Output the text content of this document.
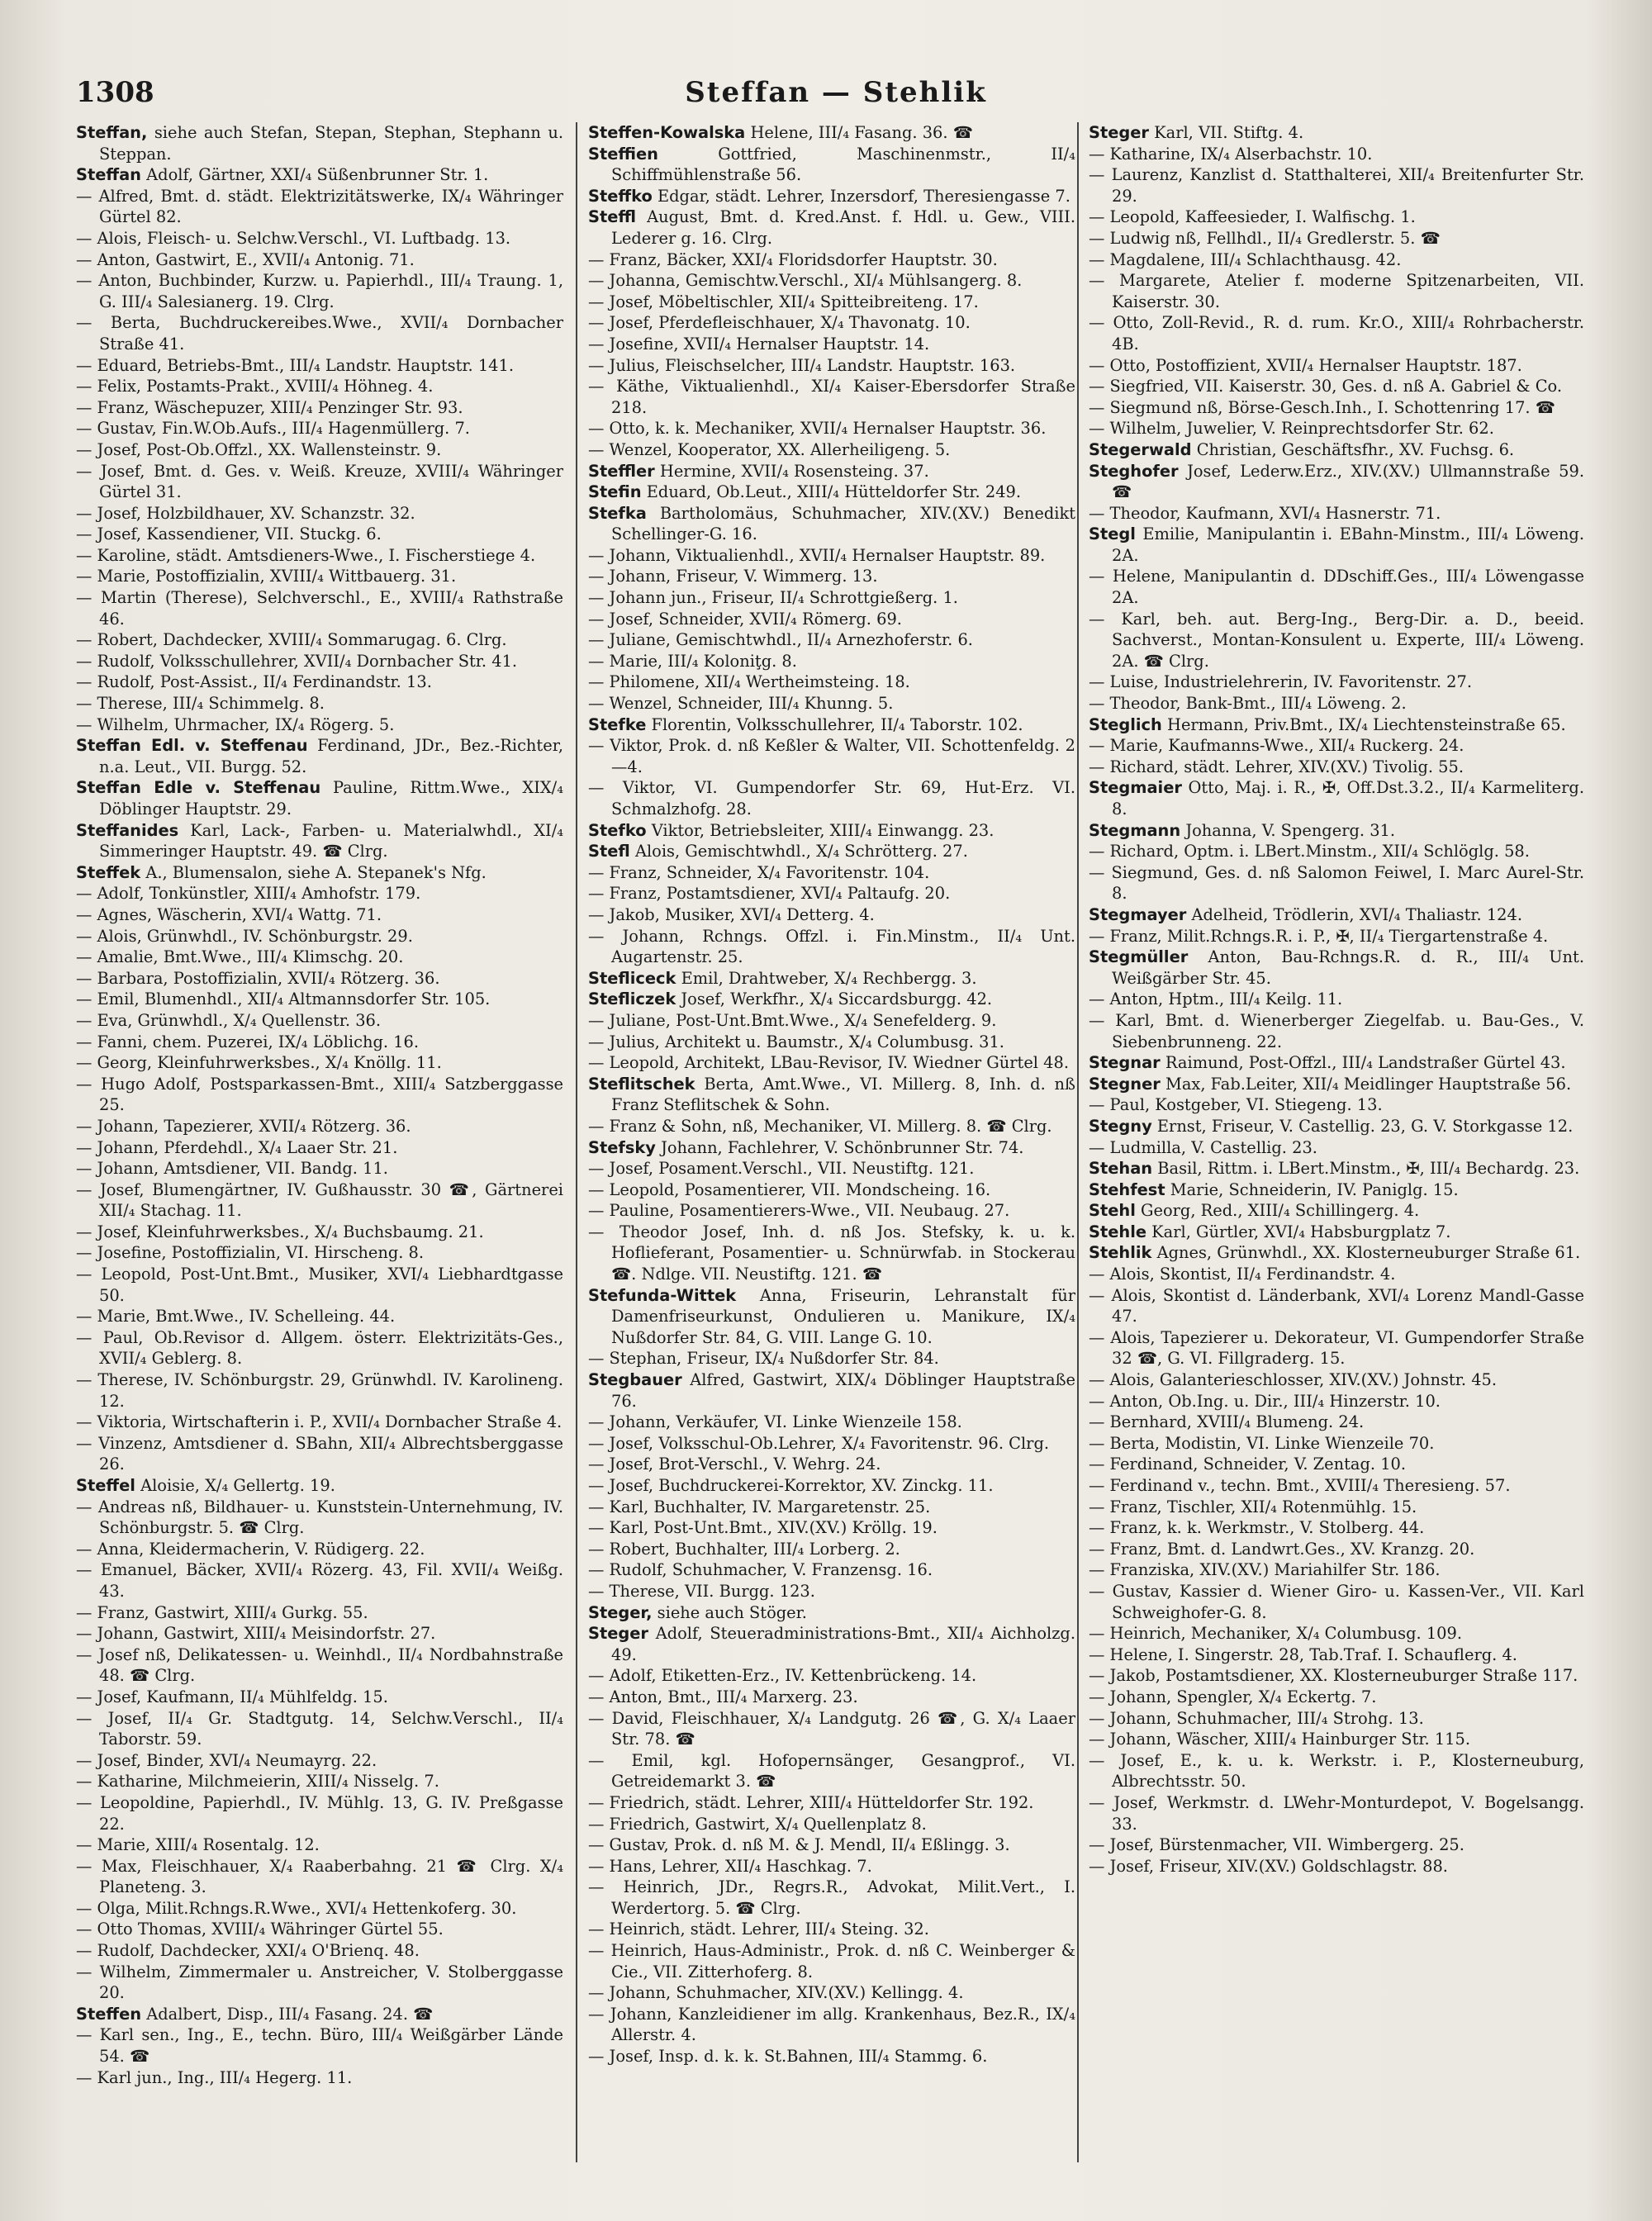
1308	Steffan — Stehlik

Steffan, siehe auch Stefan, Stepan, Stephan, Stephann u. Steppan.

Steffan Adolf, Gärtner, XXI/₄ Süßenbrunner Str. 1.

— Alfred, Bmt. d. städt. Elektrizitätswerke, IX/₄ Währinger Gürtel 82.

— Alois, Fleisch- u. Selchw.Verschl., VI. Luftbadg. 13.

— Anton, Gastwirt, E., XVII/₄ Antonig. 71.

— Anton, Buchbinder, Kurzw. u. Papierhdl., III/₄ Traung. 1, G. III/₄ Salesianerg. 19. Clrg.

— Berta, Buchdruckereibes.Wwe., XVII/₄ Dornbacher Straße 41.

— Eduard, Betriebs-Bmt., III/₄ Landstr. Hauptstr. 141.

— Felix, Postamts-Prakt., XVIII/₄ Höhneg. 4.

— Franz, Wäschepuzer, XIII/₄ Penzinger Str. 93.

— Gustav, Fin.W.Ob.Aufs., III/₄ Hagenmüllerg. 7.

— Josef, Post-Ob.Offzl., XX. Wallensteinstr. 9.

— Josef, Bmt. d. Ges. v. Weiß. Kreuze, XVIII/₄ Währinger Gürtel 31.

— Josef, Holzbildhauer, XV. Schanzstr. 32.

— Josef, Kassendiener, VII. Stuckg. 6.

— Karoline, städt. Amtsdieners-Wwe., I. Fischerstiege 4.

— Marie, Postoffizialin, XVIII/₄ Wittbauerg. 31.

— Martin (Therese), Selchverschl., E., XVIII/₄ Rathstraße 46.

— Robert, Dachdecker, XVIII/₄ Sommarugag. 6. Clrg.

— Rudolf, Volksschullehrer, XVII/₄ Dornbacher Str. 41.

— Rudolf, Post-Assist., II/₄ Ferdinandstr. 13.

— Therese, III/₄ Schimmelg. 8.

— Wilhelm, Uhrmacher, IX/₄ Rögerg. 5.

Steffan Edl. v. Steffenau Ferdinand, JDr., Bez.-Richter, n.a. Leut., VII. Burgg. 52.

Steffan Edle v. Steffenau Pauline, Rittm.Wwe., XIX/₄ Döblinger Hauptstr. 29.

Steffanides Karl, Lack-, Farben- u. Materialwhdl., XI/₄ Simmeringer Hauptstr. 49. ☎ Clrg.

Steffek A., Blumensalon, siehe A. Stepanek's Nfg.

— Adolf, Tonkünstler, XIII/₄ Amhofstr. 179.

— Agnes, Wäscherin, XVI/₄ Wattg. 71.

— Alois, Grünwhdl., IV. Schönburgstr. 29.

— Amalie, Bmt.Wwe., III/₄ Klimschg. 20.

— Barbara, Postoffizialin, XVII/₄ Rötzerg. 36.

— Emil, Blumenhdl., XII/₄ Altmannsdorfer Str. 105.

— Eva, Grünwhdl., X/₄ Quellenstr. 36.

— Fanni, chem. Puzerei, IX/₄ Löblichg. 16.

— Georg, Kleinfuhrwerksbes., X/₄ Knöllg. 11.

— Hugo Adolf, Postsparkassen-Bmt., XIII/₄ Satzberggasse 25.

— Johann, Tapezierer, XVII/₄ Rötzerg. 36.

— Johann, Pferdehdl., X/₄ Laaer Str. 21.

— Johann, Amtsdiener, VII. Bandg. 11.

— Josef, Blumengärtner, IV. Gußhausstr. 30 ☎, Gärtnerei XII/₄ Stachag. 11.

— Josef, Kleinfuhrwerksbes., X/₄ Buchsbaumg. 21.

— Josefine, Postoffizialin, VI. Hirscheng. 8.

— Leopold, Post-Unt.Bmt., Musiker, XVI/₄ Liebhardtgasse 50.

— Marie, Bmt.Wwe., IV. Schelleing. 44.

— Paul, Ob.Revisor d. Allgem. österr. Elektrizitäts-Ges., XVII/₄ Geblerg. 8.

— Therese, IV. Schönburgstr. 29, Grünwhdl. IV. Karolineng. 12.

— Viktoria, Wirtschafterin i. P., XVII/₄ Dornbacher Straße 4.

— Vinzenz, Amtsdiener d. SBahn, XII/₄ Albrechtsberggasse 26.

Steffel Aloisie, X/₄ Gellertg. 19.

— Andreas nß, Bildhauer- u. Kunststein-Unternehmung, IV. Schönburgstr. 5. ☎ Clrg.

— Anna, Kleidermacherin, V. Rüdigerg. 22.

— Emanuel, Bäcker, XVII/₄ Rözerg. 43, Fil. XVII/₄ Weißg. 43.

— Franz, Gastwirt, XIII/₄ Gurkg. 55.

— Johann, Gastwirt, XIII/₄ Meisindorfstr. 27.

— Josef nß, Delikatessen- u. Weinhdl., II/₄ Nordbahnstraße 48. ☎ Clrg.

— Josef, Kaufmann, II/₄ Mühlfeldg. 15.

— Josef, II/₄ Gr. Stadtgutg. 14, Selchw.Verschl., II/₄ Taborstr. 59.

— Josef, Binder, XVI/₄ Neumayrg. 22.

— Katharine, Milchmeierin, XIII/₄ Nisselg. 7.

— Leopoldine, Papierhdl., IV. Mühlg. 13, G. IV. Preßgasse 22.

— Marie, XIII/₄ Rosentalg. 12.

— Max, Fleischhauer, X/₄ Raaberbahng. 21 ☎ Clrg. X/₄ Planeteng. 3.

— Olga, Milit.Rchngs.R.Wwe., XVI/₄ Hettenkoferg. 30.

— Otto Thomas, XVIII/₄ Währinger Gürtel 55.

— Rudolf, Dachdecker, XXI/₄ O'Brienq. 48.

— Wilhelm, Zimmermaler u. Anstreicher, V. Stolberggasse 20.

Steffen Adalbert, Disp., III/₄ Fasang. 24. ☎

— Karl sen., Ing., E., techn. Büro, III/₄ Weißgärber Lände 54. ☎

— Karl jun., Ing., III/₄ Hegerg. 11.

Steffen-Kowalska Helene, III/₄ Fasang. 36. ☎

Steffien	Gottfried, Maschinenmstr., II/₄ Schiffmühlenstraße 56.

Steffko Edgar, städt. Lehrer, Inzersdorf, Theresiengasse 7.

Steffl August, Bmt. d. Kred.Anst. f. Hdl. u. Gew., VIII. Lederer g. 16. Clrg.

— Franz, Bäcker, XXI/₄ Floridsdorfer Hauptstr. 30.

— Johanna, Gemischtw.Verschl., XI/₄ Mühlsangerg. 8.

— Josef, Möbeltischler, XII/₄ Spitteibreiteng. 17.

— Josef, Pferdefleischhauer, X/₄ Thavonatg. 10.

— Josefine, XVII/₄ Hernalser Hauptstr. 14.

— Julius, Fleischselcher, III/₄ Landstr. Hauptstr. 163.

— Käthe, Viktualienhdl., XI/₄ Kaiser-Ebersdorfer Straße 218.

— Otto, k. k. Mechaniker, XVII/₄ Hernalser Hauptstr. 36.

— Wenzel, Kooperator, XX. Allerheiligeng. 5.

Steffler Hermine, XVII/₄ Rosensteing. 37.

Stefin Eduard, Ob.Leut., XIII/₄ Hütteldorfer Str. 249.

Stefka Bartholomäus, Schuhmacher, XIV.(XV.) Benedikt Schellinger-G. 16.

— Johann, Viktualienhdl., XVII/₄ Hernalser Hauptstr. 89.

— Johann, Friseur, V. Wimmerg. 13.

— Johann jun., Friseur, II/₄ Schrottgießerg. 1.

— Josef, Schneider, XVII/₄ Römerg. 69.

— Juliane, Gemischtwhdl., II/₄ Arnezhoferstr. 6.

— Marie, III/₄ Koloniţg. 8.

— Philomene, XII/₄ Wertheimsteing. 18.

— Wenzel, Schneider, III/₄ Khunng. 5.

Stefke Florentin, Volksschullehrer, II/₄ Taborstr. 102.

— Viktor, Prok. d. nß Keßler & Walter, VII. Schottenfeldg. 2—4.

— Viktor, VI. Gumpendorfer Str. 69, Hut-Erz. VI. Schmalzhofg. 28.

Stefko Viktor, Betriebsleiter, XIII/₄ Einwangg. 23.

Stefl Alois, Gemischtwhdl., X/₄ Schrötterg. 27.

— Franz, Schneider, X/₄ Favoritenstr. 104.

— Franz, Postamtsdiener, XVI/₄ Paltaufg. 20.

— Jakob, Musiker, XVI/₄ Detterg. 4.

— Johann, Rchngs. Offzl. i. Fin.Minstm., II/₄ Unt. Augartenstr. 25.

Stefliceck Emil, Drahtweber, X/₄ Rechbergg. 3.

Stefliczek Josef, Werkfhr., X/₄ Siccardsburgg. 42.

— Juliane, Post-Unt.Bmt.Wwe., X/₄ Senefelderg. 9.

— Julius, Architekt u. Baumstr., X/₄ Columbusg. 31.

— Leopold, Architekt, LBau-Revisor, IV. Wiedner Gürtel 48.

Steflitschek Berta, Amt.Wwe., VI. Millerg. 8, Inh. d. nß Franz Steflitschek & Sohn.

— Franz & Sohn, nß, Mechaniker, VI. Millerg. 8. ☎ Clrg.

Stefsky Johann, Fachlehrer, V. Schönbrunner Str. 74.

— Josef, Posament.Verschl., VII. Neustiftg. 121.

— Leopold, Posamentierer, VII. Mondscheing. 16.

— Pauline, Posamentierers-Wwe., VII. Neubaug. 27.

— Theodor Josef, Inh. d. nß Jos. Stefsky, k. u. k. Hoflieferant, Posamentier- u. Schnürwfab. in Stockerau ☎. Ndlge. VII. Neustiftg. 121. ☎

Stefunda-Wittek Anna, Friseurin, Lehranstalt für Damenfriseurkunst, Ondulieren u. Manikure, IX/₄ Nußdorfer Str. 84, G. VIII. Lange G. 10.

— Stephan, Friseur, IX/₄ Nußdorfer Str. 84.

Stegbauer Alfred, Gastwirt, XIX/₄ Döblinger Hauptstraße 76.

— Johann, Verkäufer, VI. Linke Wienzeile 158.

— Josef, Volksschul-Ob.Lehrer, X/₄ Favoritenstr. 96. Clrg.

— Josef, Brot-Verschl., V. Wehrg. 24.

— Josef, Buchdruckerei-Korrektor, XV. Zinckg. 11.

— Karl, Buchhalter, IV. Margaretenstr. 25.

— Karl, Post-Unt.Bmt., XIV.(XV.) Kröllg. 19.

— Robert, Buchhalter, III/₄ Lorberg. 2.

— Rudolf, Schuhmacher, V. Franzensg. 16.

— Therese, VII. Burgg. 123.

Steger, siehe auch Stöger.

Steger Adolf, Steueradministrations-Bmt., XII/₄ Aichholzg. 49.

— Adolf, Etiketten-Erz., IV. Kettenbrückeng. 14.

— Anton, Bmt., III/₄ Marxerg. 23.

— David, Fleischhauer, X/₄ Landgutg. 26 ☎, G. X/₄ Laaer Str. 78. ☎

— Emil, kgl. Hofopernsänger, Gesangprof., VI. Getreidemarkt 3. ☎

— Friedrich, städt. Lehrer, XIII/₄ Hütteldorfer Str. 192.

— Friedrich, Gastwirt, X/₄ Quellenplatz 8.

— Gustav, Prok. d. nß M. & J. Mendl, II/₄ Eßlingg. 3.

— Hans, Lehrer, XII/₄ Haschkag. 7.

— Heinrich, JDr., Regrs.R., Advokat, Milit.Vert., I. Werdertorg. 5. ☎ Clrg.

— Heinrich, städt. Lehrer, III/₄ Steing. 32.

— Heinrich, Haus-Administr., Prok. d. nß C. Weinberger & Cie., VII. Zitterhoferg. 8.

— Johann, Schuhmacher, XIV.(XV.) Kellingg. 4.

— Johann, Kanzleidiener im allg. Krankenhaus, Bez.R., IX/₄ Allerstr. 4.

— Josef, Insp. d. k. k. St.Bahnen, III/₄ Stammg. 6.

Steger Karl, VII. Stiftg. 4.

— Katharine, IX/₄ Alserbachstr. 10.

— Laurenz, Kanzlist d. Statthalterei, XII/₄ Breitenfurter Str. 29.

— Leopold, Kaffeesieder, I. Walfischg. 1.

— Ludwig nß, Fellhdl., II/₄ Gredlerstr. 5. ☎

— Magdalene, III/₄ Schlachthausg. 42.

— Margarete, Atelier f. moderne Spitzenarbeiten, VII. Kaiserstr. 30.

— Otto, Zoll-Revid., R. d. rum. Kr.O., XIII/₄ Rohrbacherstr. 4B.

— Otto, Postoffizient, XVII/₄ Hernalser Hauptstr. 187.

— Siegfried, VII. Kaiserstr. 30, Ges. d. nß A. Gabriel & Co.

— Siegmund nß, Börse-Gesch.Inh., I. Schottenring 17. ☎

— Wilhelm, Juwelier, V. Reinprechtsdorfer Str. 62.

Stegerwald Christian, Geschäftsfhr., XV. Fuchsg. 6.

Steghofer Josef, Lederw.Erz., XIV.(XV.) Ullmannstraße 59. ☎

— Theodor, Kaufmann, XVI/₄ Hasnerstr. 71.

Stegl Emilie, Manipulantin i. EBahn-Minstm., III/₄ Löweng. 2A.

— Helene, Manipulantin d. DDschiff.Ges., III/₄ Löwengasse 2A.

— Karl, beh. aut. Berg-Ing., Berg-Dir. a. D., beeid. Sachverst., Montan-Konsulent u. Experte, III/₄ Löweng. 2A. ☎ Clrg.

— Luise, Industrielehrerin, IV. Favoritenstr. 27.

— Theodor, Bank-Bmt., III/₄ Löweng. 2.

Steglich Hermann, Priv.Bmt., IX/₄ Liechtensteinstraße 65.

— Marie, Kaufmanns-Wwe., XII/₄ Ruckerg. 24.

— Richard, städt. Lehrer, XIV.(XV.) Tivolig. 55.

Stegmaier Otto, Maj. i. R., ✠, Off.Dst.3.2., II/₄ Karmeliterg. 8.

Stegmann Johanna, V. Spengerg. 31.

— Richard, Optm. i. LBert.Minstm., XII/₄ Schlöglg. 58.

— Siegmund, Ges. d. nß Salomon Feiwel, I. Marc Aurel-Str. 8.

Stegmayer Adelheid, Trödlerin, XVI/₄ Thaliastr. 124.

— Franz, Milit.Rchngs.R. i. P., ✠, II/₄ Tiergartenstraße 4.

Stegmüller Anton, Bau-Rchngs.R. d. R., III/₄ Unt. Weißgärber Str. 45.

— Anton, Hptm., III/₄ Keilg. 11.

— Karl, Bmt. d. Wienerberger Ziegelfab. u. Bau-Ges., V. Siebenbrunneng. 22.

Stegnar Raimund, Post-Offzl., III/₄ Landstraßer Gürtel 43.

Stegner Max, Fab.Leiter, XII/₄ Meidlinger Hauptstraße 56.

— Paul, Kostgeber, VI. Stiegeng. 13.

Stegny Ernst, Friseur, V. Castellig. 23, G. V. Storkgasse 12.

— Ludmilla, V. Castellig. 23.

Stehan Basil, Rittm. i. LBert.Minstm., ✠, III/₄ Bechardg. 23.

Stehfest Marie, Schneiderin, IV. Paniglg. 15.

Stehl Georg, Red., XIII/₄ Schillingerg. 4.

Stehle Karl, Gürtler, XVI/₄ Habsburgplatz 7.

Stehlik Agnes, Grünwhdl., XX. Klosterneuburger Straße 61.

— Alois, Skontist, II/₄ Ferdinandstr. 4.

— Alois, Skontist d. Länderbank, XVI/₄ Lorenz Mandl-Gasse 47.

— Alois, Tapezierer u. Dekorateur, VI. Gumpendorfer Straße 32 ☎, G. VI. Fillgraderg. 15.

— Alois, Galanterieschlosser, XIV.(XV.) Johnstr. 45.

— Anton, Ob.Ing. u. Dir., III/₄ Hinzerstr. 10.

— Bernhard, XVIII/₄ Blumeng. 24.

— Berta, Modistin, VI. Linke Wienzeile 70.

— Ferdinand, Schneider, V. Zentag. 10.

— Ferdinand v., techn. Bmt., XVIII/₄ Theresieng. 57.

— Franz, Tischler, XII/₄ Rotenmühlg. 15.

— Franz, k. k. Werkmstr., V. Stolberg. 44.

— Franz, Bmt. d. Landwrt.Ges., XV. Kranzg. 20.

— Franziska, XIV.(XV.) Mariahilfer Str. 186.

— Gustav, Kassier d. Wiener Giro- u. Kassen-Ver., VII. Karl Schweighofer-G. 8.

— Heinrich, Mechaniker, X/₄ Columbusg. 109.

— Helene, I. Singerstr. 28, Tab.Traf. I. Schauflerg. 4.

— Jakob, Postamtsdiener, XX. Klosterneuburger Straße 117.

— Johann, Spengler, X/₄ Eckertg. 7.

— Johann, Schuhmacher, III/₄ Strohg. 13.

— Johann, Wäscher, XIII/₄ Hainburger Str. 115.

— Josef, E., k. u. k. Werkstr. i. P., Klosterneuburg, Albrechtsstr. 50.

— Josef, Werkmstr. d. LWehr-Monturdepot, V. Bogelsangg. 33.

— Josef, Bürstenmacher, VII. Wimbergerg. 25.

— Josef, Friseur, XIV.(XV.) Goldschlagstr. 88.
